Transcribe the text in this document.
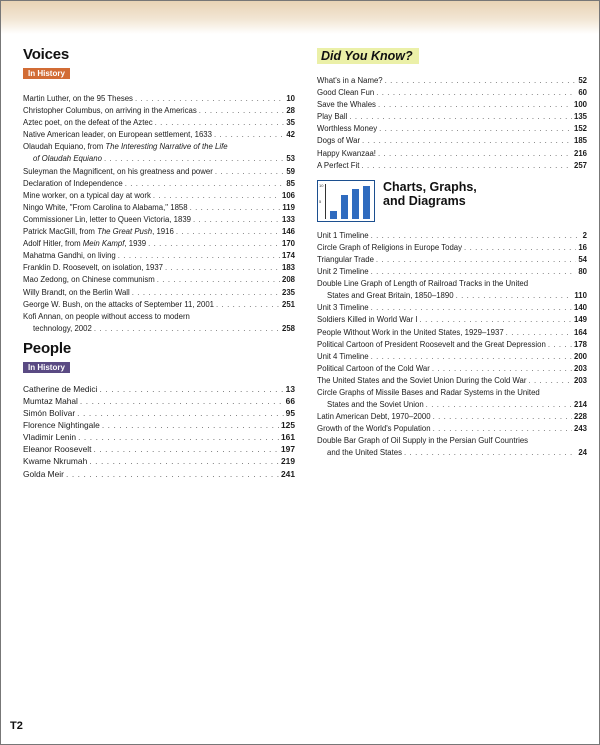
Voices
In History
Martin Luther, on the 95 Theses . . .	10
Christopher Columbus, on arriving in the Americas . . .	28
Aztec poet, on the defeat of the Aztec . . .	35
Native American leader, on European settlement, 1633 . . .	42
Olaudah Equiano, from The Interesting Narrative of the Life
of Olaudah Equiano . . .	53
Suleyman the Magnificent, on his greatness and power . . .	59
Declaration of Independence . . .	85
Mine worker, on a typical day at work . . .	106
Ningo White, "From Carolina to Alabama," 1858 . . .	119
Commissioner Lin, letter to Queen Victoria, 1839 . . .	133
Patrick MacGill, from The Great Push, 1916 . . .	146
Adolf Hitler, from Mein Kampf, 1939 . . .	170
Mahatma Gandhi, on living . . .	174
Franklin D. Roosevelt, on isolation, 1937 . . .	183
Mao Zedong, on Chinese communism . . .	208
Willy Brandt, on the Berlin Wall . . .	235
George W. Bush, on the attacks of September 11, 2001 . . .	251
Kofi Annan, on people without access to modern
technology, 2002 . . .	258
People
In History
Catherine de Medici . . .	13
Mumtaz Mahal . . .	66
Simón Bolívar . . .	95
Florence Nightingale . . .	125
Vladimir Lenin . . .	161
Eleanor Roosevelt . . .	197
Kwame Nkrumah . . .	219
Golda Meir . . .	241
Did You Know?
What's in a Name? . . .	52
Good Clean Fun . . .	60
Save the Whales . . .	100
Play Ball . . .	135
Worthless Money . . .	152
Dogs of War . . .	185
Happy Kwanzaa! . . .	216
A Perfect Fit . . .	257
10
5
Charts, Graphs,
and Diagrams
Unit 1 Timeline . . .	2
Circle Graph of Religions in Europe Today . . .	16
Triangular Trade . . .	54
Unit 2 Timeline . . .	80
Double Line Graph of Length of Railroad Tracks in the United
States and Great Britain, 1850–1890 . . .	110
Unit 3 Timeline . . .	140
Soldiers Killed in World War I . . .	149
People Without Work in the United States, 1929–1937 . . .	164
Political Cartoon of President Roosevelt and the Great Depression . . .	178
Unit 4 Timeline . . .	200
Political Cartoon of the Cold War . . .	203
The United States and the Soviet Union During the Cold War . . .	203
Circle Graphs of Missile Bases and Radar Systems in the United
States and the Soviet Union . . .	214
Latin American Debt, 1970–2000 . . .	228
Growth of the World's Population . . .	243
Double Bar Graph of Oil Supply in the Persian Gulf Countries
and the United States . . .	24
T2
